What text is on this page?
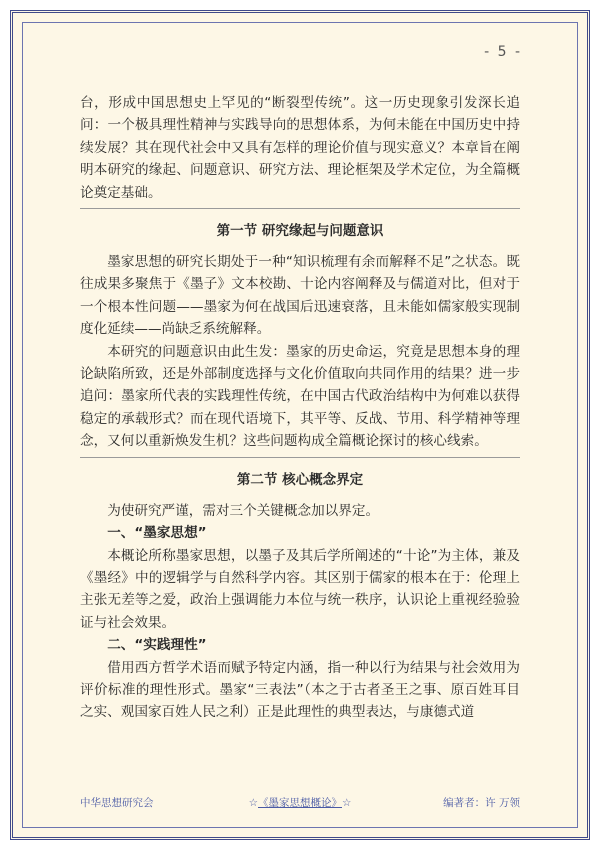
- 5 -

台，形成中国思想史上罕见的“断裂型传统”。这一历史现象引发深长追问：一个极具理性精神与实践导向的思想体系，为何未能在中国历史中持续发展？其在现代社会中又具有怎样的理论价值与现实意义？本章旨在阐明本研究的缘起、问题意识、研究方法、理论框架及学术定位，为全篇概论奠定基础。

第一节 研究缘起与问题意识

墨家思想的研究长期处于一种“知识梳理有余而解释不足”之状态。既往成果多聚焦于《墨子》文本校勘、十论内容阐释及与儒道对比，但对于一个根本性问题——墨家为何在战国后迅速衰落，且未能如儒家般实现制度化延续——尚缺乏系统解释。

本研究的问题意识由此生发：墨家的历史命运，究竟是思想本身的理论缺陷所致，还是外部制度选择与文化价值取向共同作用的结果？进一步追问：墨家所代表的实践理性传统，在中国古代政治结构中为何难以获得稳定的承载形式？而在现代语境下，其平等、反战、节用、科学精神等理念，又何以重新焕发生机？这些问题构成全篇概论探讨的核心线索。

第二节 核心概念界定

为使研究严谨，需对三个关键概念加以界定。

一、“墨家思想”

本概论所称墨家思想，以墨子及其后学所阐述的“十论”为主体，兼及《墨经》中的逻辑学与自然科学内容。其区别于儒家的根本在于：伦理上主张无差等之爱，政治上强调能力本位与统一秩序，认识论上重视经验验证与社会效果。

二、“实践理性”

借用西方哲学术语而赋予特定内涵，指一种以行为结果与社会效用为评价标准的理性形式。墨家“三表法”（本之于古者圣王之事、原百姓耳目之实、观国家百姓人民之利）正是此理性的典型表达，与康德式道

中华思想研究会	☆《墨家思想概论》☆	编著者：许 万领
